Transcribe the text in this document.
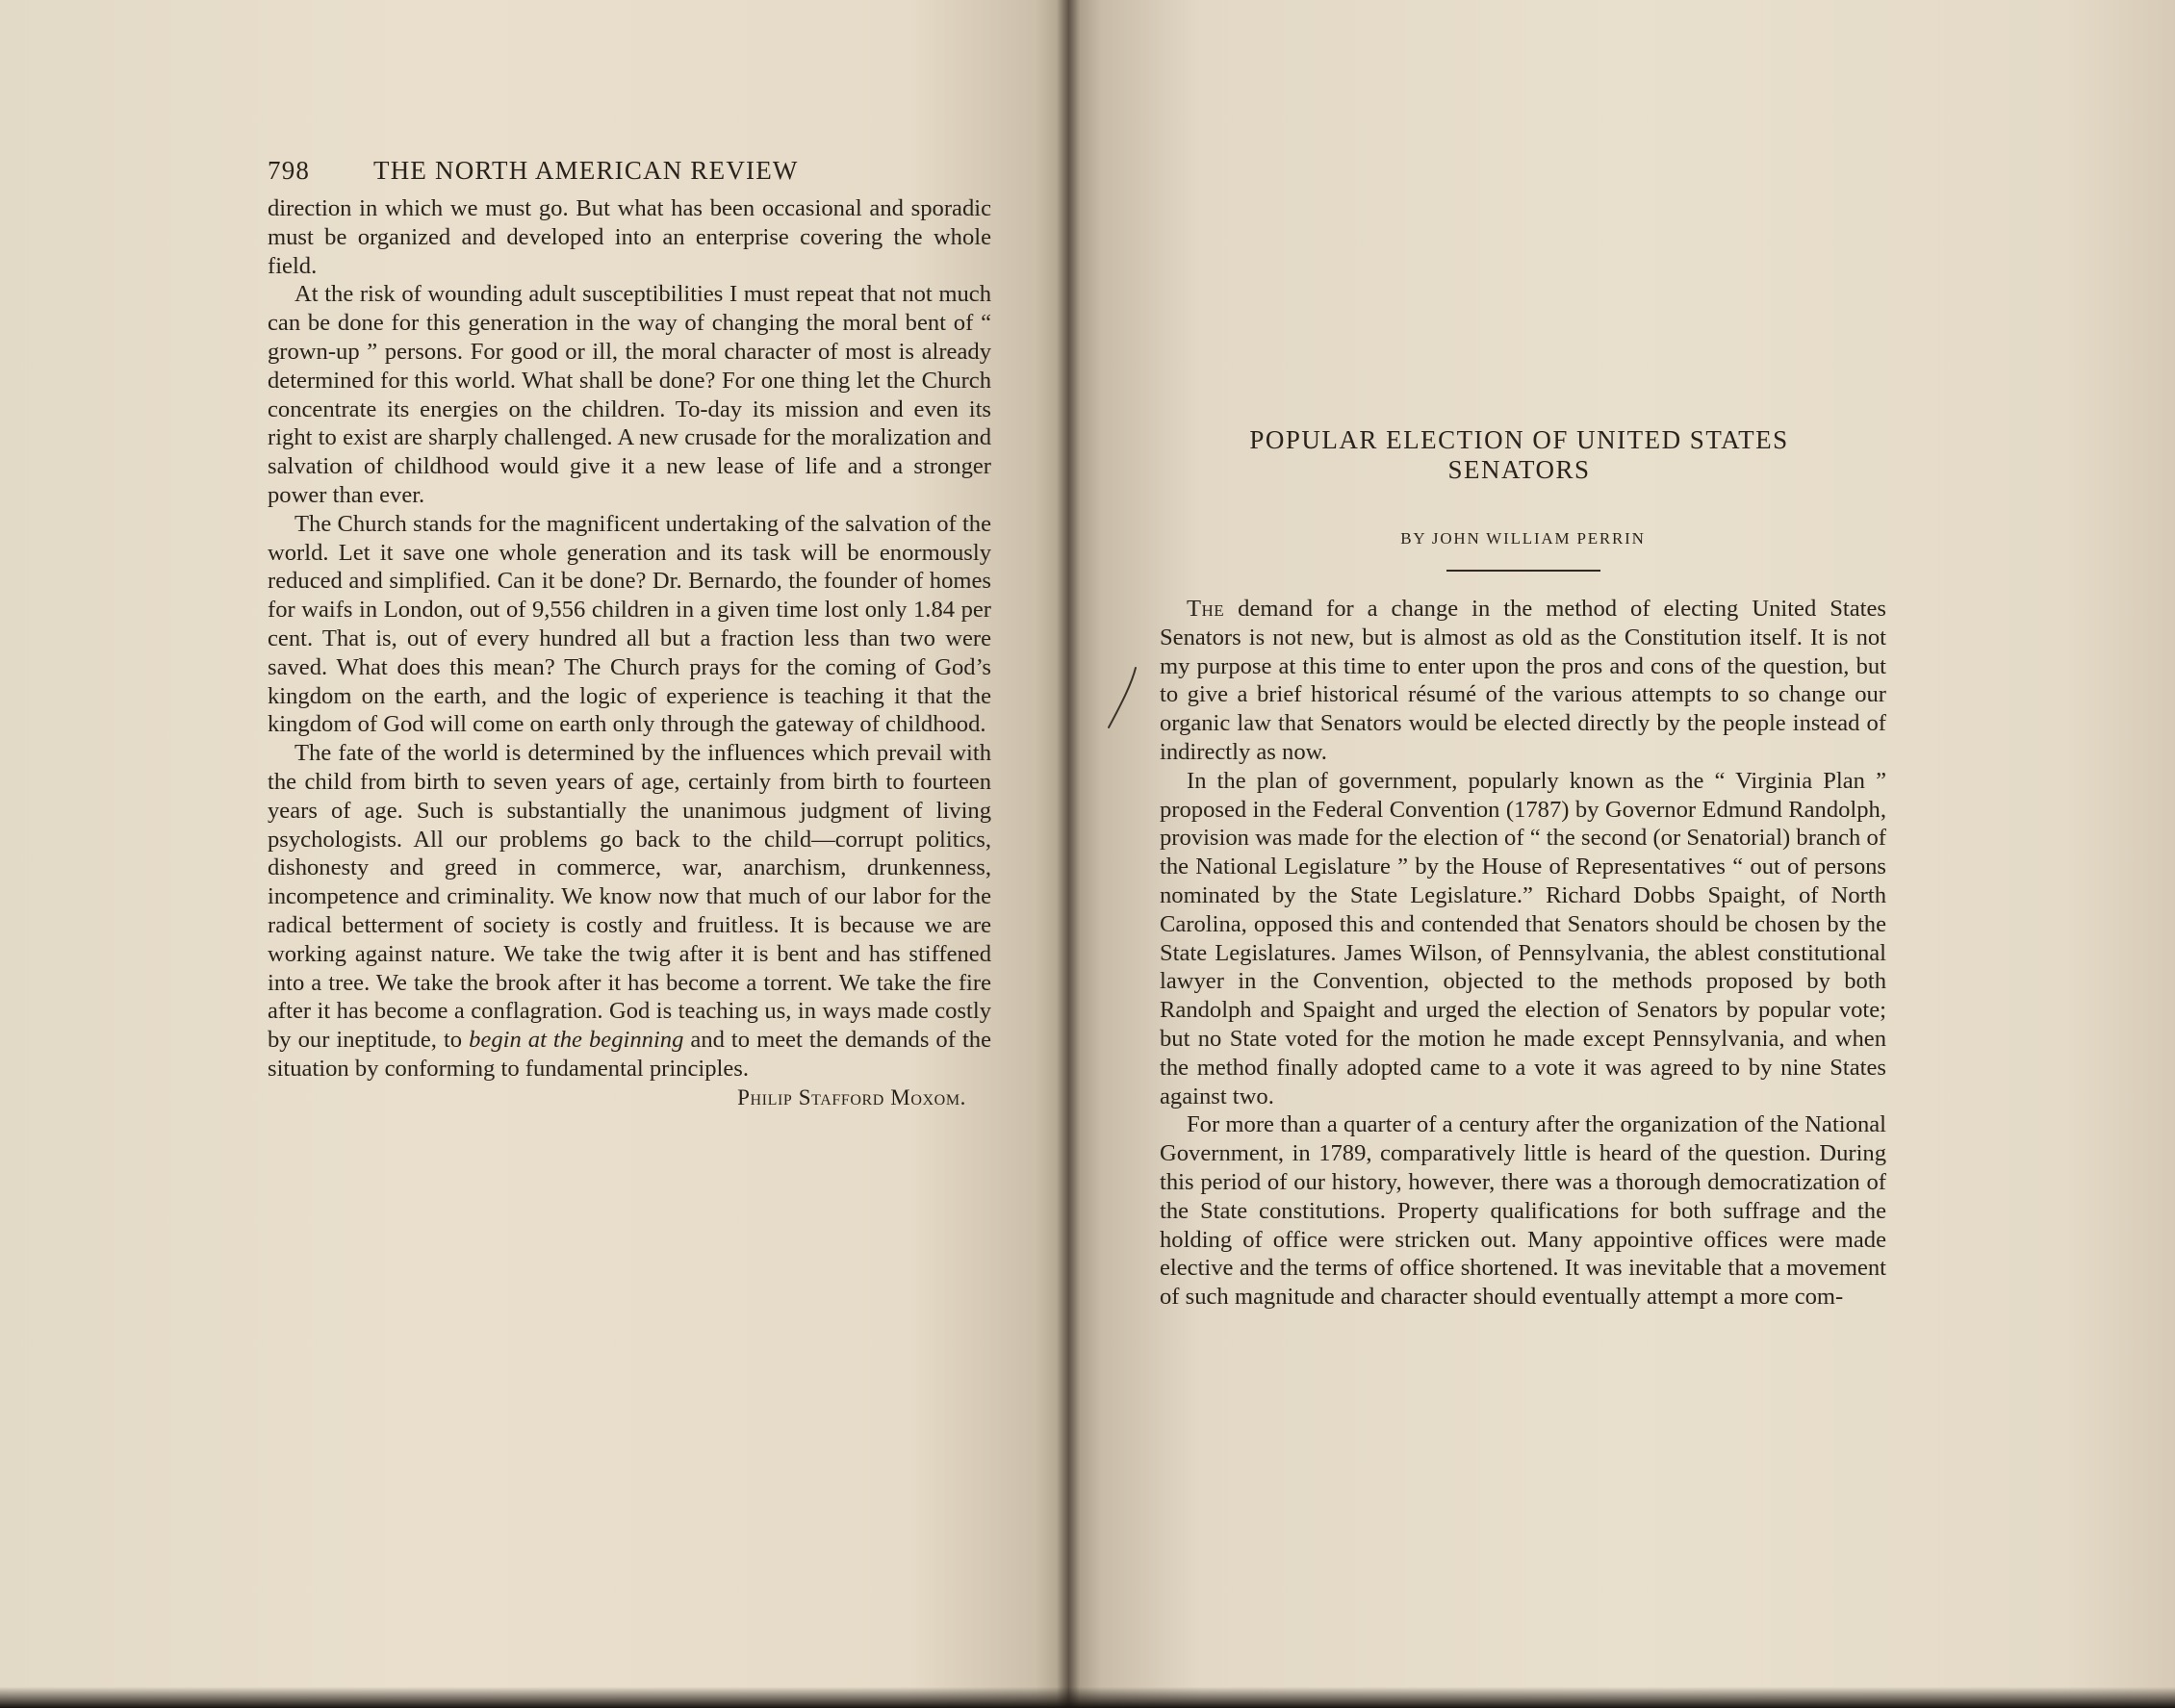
798	THE NORTH AMERICAN REVIEW

direction in which we must go. But what has been occasional and sporadic must be organized and developed into an enterprise covering the whole field.

At the risk of wounding adult susceptibilities I must repeat that not much can be done for this generation in the way of changing the moral bent of “ grown-up ” persons. For good or ill, the moral character of most is already determined for this world. What shall be done? For one thing let the Church concentrate its energies on the children. To-day its mission and even its right to exist are sharply challenged. A new crusade for the moralization and salvation of childhood would give it a new lease of life and a stronger power than ever.

The Church stands for the magnificent undertaking of the salvation of the world. Let it save one whole generation and its task will be enormously reduced and simplified. Can it be done? Dr. Bernardo, the founder of homes for waifs in London, out of 9,556 children in a given time lost only 1.84 per cent. That is, out of every hundred all but a fraction less than two were saved. What does this mean? The Church prays for the coming of God’s kingdom on the earth, and the logic of experience is teaching it that the kingdom of God will come on earth only through the gateway of childhood.

The fate of the world is determined by the influences which prevail with the child from birth to seven years of age, certainly from birth to fourteen years of age. Such is substantially the unanimous judgment of living psychologists. All our problems go back to the child—corrupt politics, dishonesty and greed in commerce, war, anarchism, drunkenness, incompetence and criminality. We know now that much of our labor for the radical betterment of society is costly and fruitless. It is because we are working against nature. We take the twig after it is bent and has stiffened into a tree. We take the brook after it has become a torrent. We take the fire after it has become a conflagration. God is teaching us, in ways made costly by our ineptitude, to begin at the beginning and to meet the demands of the situation by conforming to fundamental principles.

Philip Stafford Moxom.
POPULAR ELECTION OF UNITED STATES
SENATORS
BY JOHN WILLIAM PERRIN

The demand for a change in the method of electing United States Senators is not new, but is almost as old as the Constitution itself. It is not my purpose at this time to enter upon the pros and cons of the question, but to give a brief historical résumé of the various attempts to so change our organic law that Senators would be elected directly by the people instead of indirectly as now.

In the plan of government, popularly known as the “ Virginia Plan ” proposed in the Federal Convention (1787) by Governor Edmund Randolph, provision was made for the election of “ the second (or Senatorial) branch of the National Legislature ” by the House of Representatives “ out of persons nominated by the State Legislature.” Richard Dobbs Spaight, of North Carolina, opposed this and contended that Senators should be chosen by the State Legislatures. James Wilson, of Pennsylvania, the ablest constitutional lawyer in the Convention, objected to the methods proposed by both Randolph and Spaight and urged the election of Senators by popular vote; but no State voted for the motion he made except Pennsylvania, and when the method finally adopted came to a vote it was agreed to by nine States against two.

For more than a quarter of a century after the organization of the National Government, in 1789, comparatively little is heard of the question. During this period of our history, however, there was a thorough democratization of the State constitutions. Property qualifications for both suffrage and the holding of office were stricken out. Many appointive offices were made elective and the terms of office shortened. It was inevitable that a movement of such magnitude and character should eventually attempt a more com-
